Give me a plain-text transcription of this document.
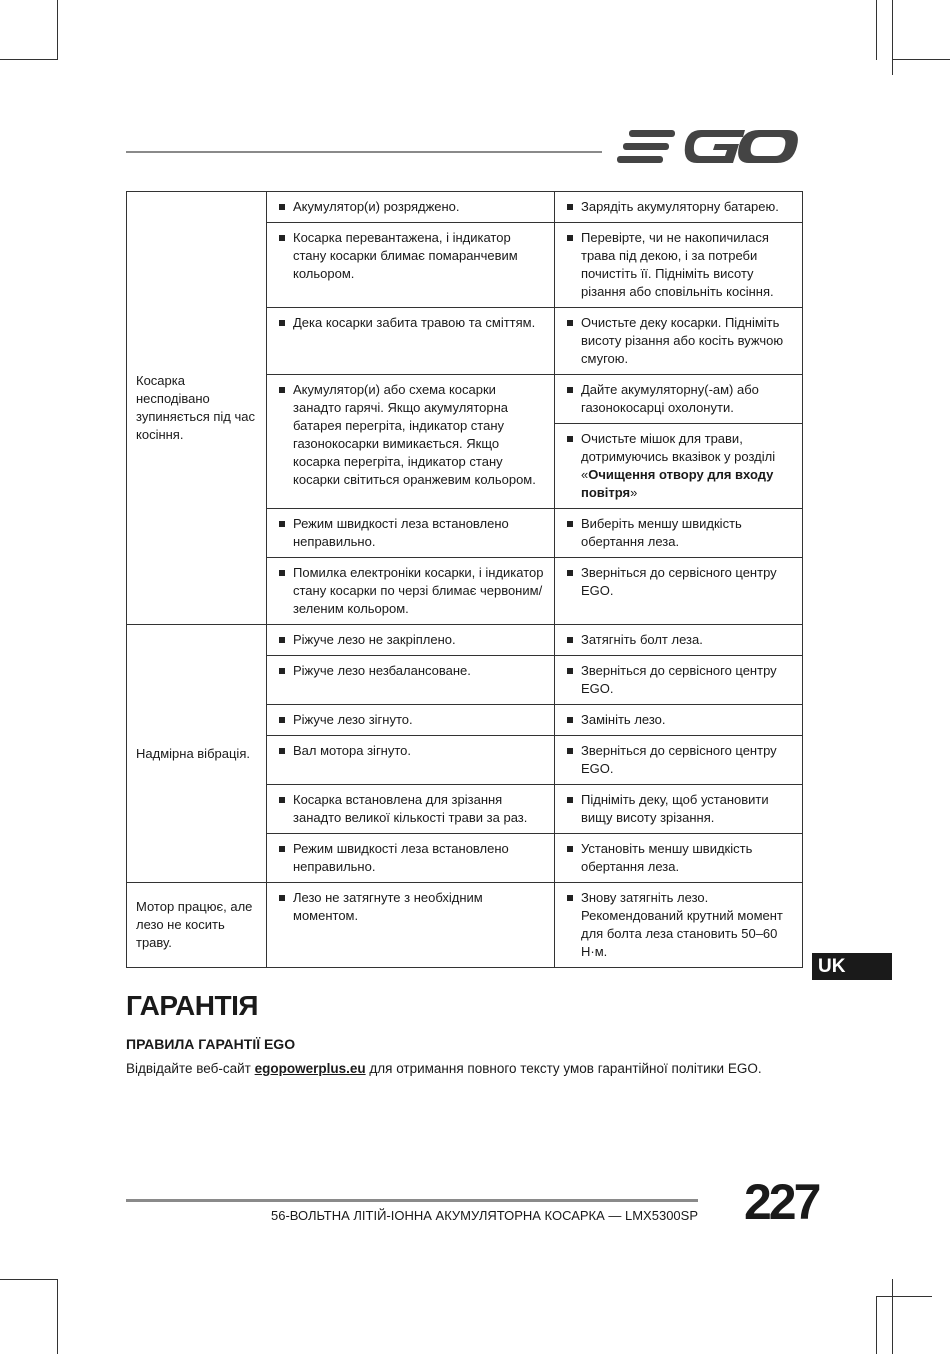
Косарка несподівано зупиняється під час косіння.	Акумулятор(и) розряджено.	Зарядіть акумуляторну батарею.

	Косарка перевантажена, і індикатор стану косарки блимає помаранчевим кольором.	Перевірте, чи не накопичилася трава під декою, і за потреби почистіть її. Підніміть висоту різання або сповільніть косіння.

	Дека косарки забита травою та сміттям.	Очистьте деку косарки. Підніміть висоту різання або косіть вужчою смугою.

	Акумулятор(и) або схема косарки занадто гарячі. Якщо акумуляторна батарея перегріта, індикатор стану газонокосарки вимикається. Якщо косарка перегріта, індикатор стану косарки світиться оранжевим кольором.	Дайте акумуляторну(-ам) або газонокосарці охолонути.

		Очистьте мішок для трави, дотримуючись вказівок у розділі «Очищення отвору для входу повітря»

	Режим швидкості леза встановлено неправильно.	Виберіть меншу швидкість обертання леза.

	Помилка електроніки косарки, і індикатор стану косарки по черзі блимає червоним/ зеленим кольором.	Зверніться до сервісного центру EGO.

Надмірна вібрація.	Ріжуче лезо не закріплено.	Затягніть болт леза.

	Ріжуче лезо незбалансоване.	Зверніться до сервісного центру EGO.

	Ріжуче лезо зігнуто.	Замініть лезо.

	Вал мотора зігнуто.	Зверніться до сервісного центру EGO.

	Косарка встановлена для зрізання занадто великої кількості трави за раз.	Підніміть деку, щоб установити вищу висоту зрізання.

	Режим швидкості леза встановлено неправильно.	Установіть меншу швидкість обертання леза.

Мотор працює, але лезо не косить траву.	Лезо не затягнуте з необхідним моментом.	Знову затягніть лезо. Рекомендований крутний момент для болта леза становить 50–60 Н·м.
UK
ГАРАНТІЯ
ПРАВИЛА ГАРАНТІЇ EGO

Відвідайте веб-сайт egopowerplus.eu для отримання повного тексту умов гарантійної політики EGO.

56-ВОЛЬТНА ЛІТІЙ-ІОННА АКУМУЛЯТОРНА КОСАРКА — LMX5300SP 227
